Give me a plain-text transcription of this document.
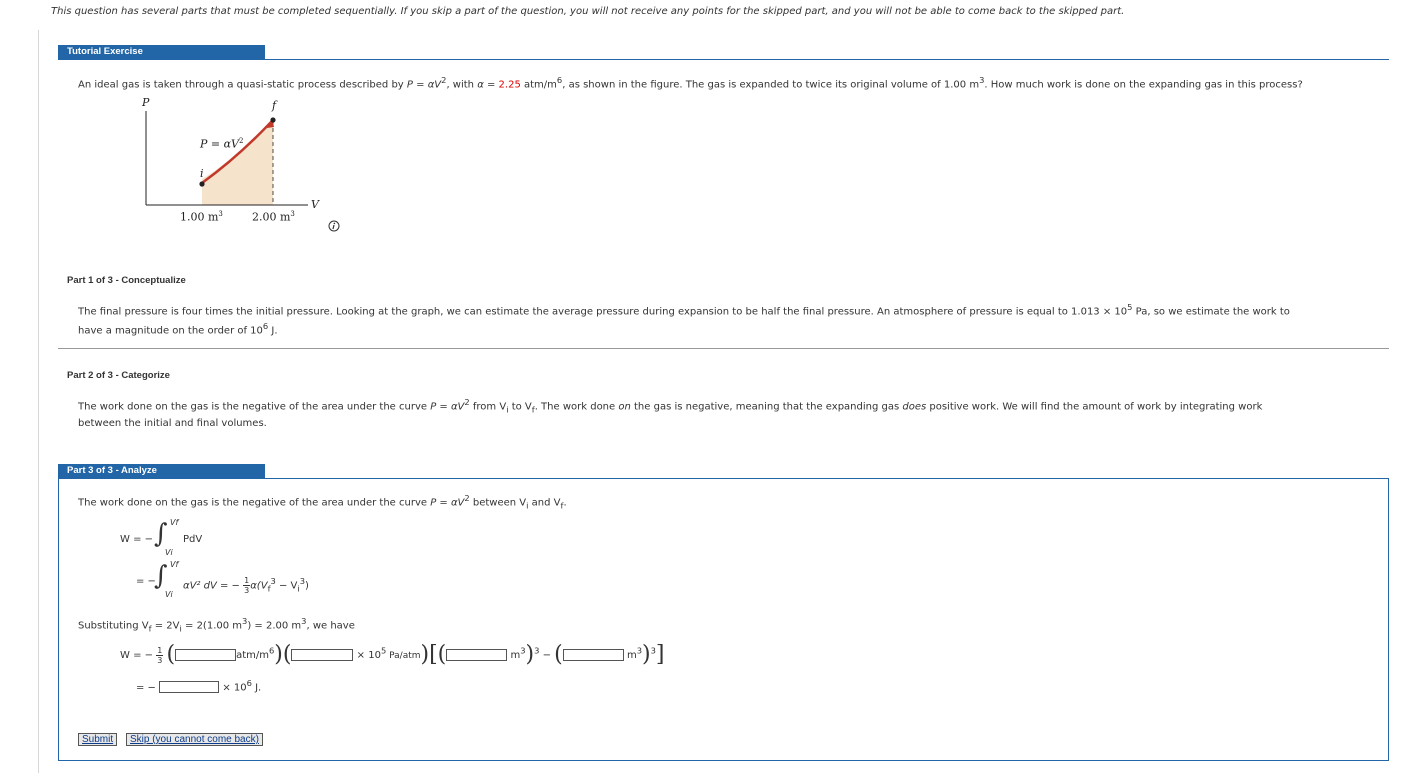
This question has several parts that must be completed sequentially. If you skip a part of the question, you will not receive any points for the skipped part, and you will not be able to come back to the skipped part.
Tutorial Exercise
An ideal gas is taken through a quasi-static process described by $P = \alpha V^2$, with α = 2.25 atm/$m^6$, as shown in the figure. The gas is expanded to twice its original volume of 1.00 $m^3$. How much work is done on the expanding gas in this process?
P
V
i
f
$P = \alpha V^2$
1.00 $m^3$	2.00 $m^3$
Part 1 of 3 - Conceptualize
The final pressure is four times the initial pressure. Looking at the graph, we can estimate the average pressure during expansion to be half the final pressure. An atmosphere of pressure is equal to $1.013 \times 10^5$ Pa, so we estimate the work to
have a magnitude on the order of $10^6$ J.
Part 2 of 3 - Categorize
The work done on the gas is the negative of the area under the curve $P = \alpha V^2$ from $V_i$ to $V_f$. The work done on the gas is negative, meaning that the expanding gas does positive work. We will find the amount of work by integrating work
between the initial and final volumes.
Part 3 of 3 - Analyze
The work done on the gas is the negative of the area under the curve $P = \alpha V^2$ between $V_i$ and $V_f$.
W = − ∫ Vf
Vi
PdV
= −
∫ Vf
Vi
αV² dV = − $\frac{1}{3} \alpha(V_f^3 - V_i^3)$
Substituting $V_f = 2V_i = 2(1.00$ $m^3) = 2.00$ $m^3$, we have
W = − $\frac{1}{3}$ (	atm/$m^6$)(	× $10^5$ Pa/atm)[(	$m^3)^3$ − (	$m^3)^3$]
= −	× $10^6$ J.
Submit	Skip (you cannot come back)
